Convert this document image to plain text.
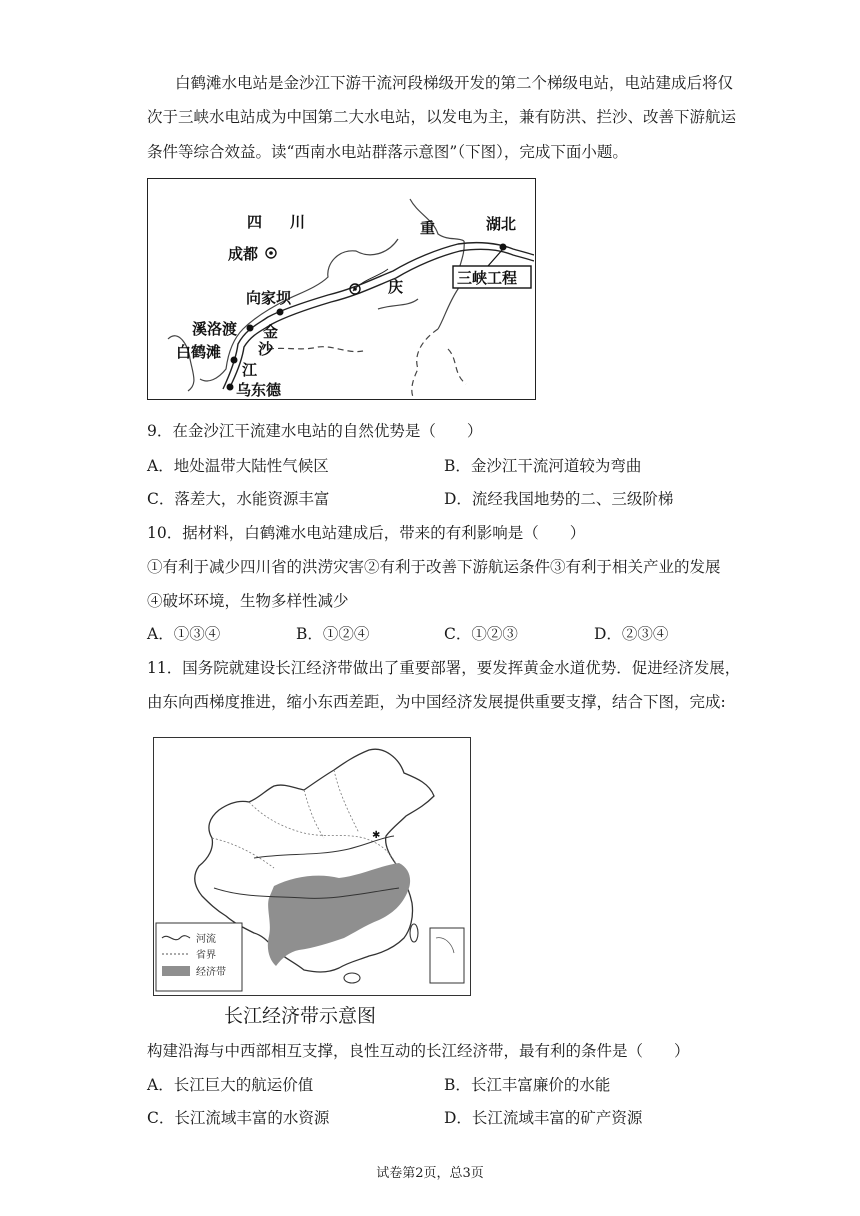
白鹤滩水电站是金沙江下游干流河段梯级开发的第二个梯级电站，电站建成后将仅
次于三峡水电站成为中国第二大水电站，以发电为主，兼有防洪、拦沙、改善下游航运
条件等综合效益。读“西南水电站群落示意图”（下图），完成下面小题。
四 川
成都
重
庆
湖北
三峡工程
向家坝
溪洛渡
白鹤滩
乌东德
金
沙
江
9．在金沙江干流建水电站的自然优势是（　　）
A．地处温带大陆性气候区	B．金沙江干流河道较为弯曲
C．落差大，水能资源丰富	D．流经我国地势的二、三级阶梯
10．据材料，白鹤滩水电站建成后，带来的有利影响是（　　）
①有利于减少四川省的洪涝灾害②有利于改善下游航运条件③有利于相关产业的发展
④破坏环境，生物多样性减少
A．①③④	B．①②④	C．①②③	D．②③④
11．国务院就建设长江经济带做出了重要部署，要发挥黄金水道优势．促进经济发展，
由东向西梯度推进，缩小东西差距，为中国经济发展提供重要支撑，结合下图，完成:
✱
河流
省界
经济带
长江经济带示意图
构建沿海与中西部相互支撑，良性互动的长江经济带，最有利的条件是（　　）
A．长江巨大的航运价值	B．长江丰富廉价的水能
C．长江流域丰富的水资源	D．长江流域丰富的矿产资源
试卷第2页，总3页
